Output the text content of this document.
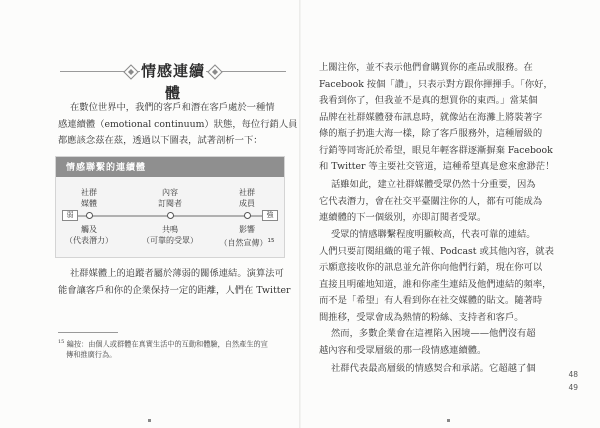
情感連續體
在數位世界中，我們的客戶和潛在客戶處於一種情
感連續體（emotional continuum）狀態，每位行銷人員
都應該念茲在茲，透過以下圖表，試著剖析一下：
情感聯繫的連續體
社群
媒體
內容
訂閱者
社群
成員
弱	強
觸及
（代表潛力）
共鳴
（可靠的受眾）
影響
（自然宣傳）$^{15}$
社群媒體上的追蹤者屬於薄弱的關係連結。演算法可
能會讓客戶和你的企業保持一定的距離，人們在 Twitter
$^{15}$ 編按：由個人或群體在真實生活中的互動和體驗，自然產生的宣
傳和推廣行為。
上關注你，並不表示他們會購買你的產品或服務。在
Facebook 按個「讚」，只表示對方跟你揮揮手。「你好，
我看到你了，但我並不是真的想買你的東西。」當某個
品牌在社群媒體發布訊息時，就像站在海灘上將裝著字
條的瓶子扔進大海一樣，除了客戶服務外，這種層級的
行銷等同寄託於希望，眼見年輕客群逐漸摒棄 Facebook
和 Twitter 等主要社交管道，這種希望真是愈來愈渺茫！
話雖如此，建立社群媒體受眾仍然十分重要，因為
它代表潛力，會在社交平臺關注你的人，都有可能成為
連續體的下一個級別，亦即訂閱者受眾。
受眾的情感聯繫程度明顯較高，代表可靠的連結。
人們只要訂閱組織的電子報、Podcast 或其他內容，就表
示願意接收你的訊息並允許你向他們行銷，現在你可以
直接且明確地知道，誰和你產生連結及他們連結的頻率，
而不是「希望」有人看到你在社交媒體的貼文。隨著時
間推移，受眾會成為熱情的粉絲、支持者和客戶。
然而，多數企業會在這裡陷入困境——他們沒有超
越內容和受眾層級的那一段情感連續體。
社群代表最高層級的情感契合和承諾。它超越了個
48
49
